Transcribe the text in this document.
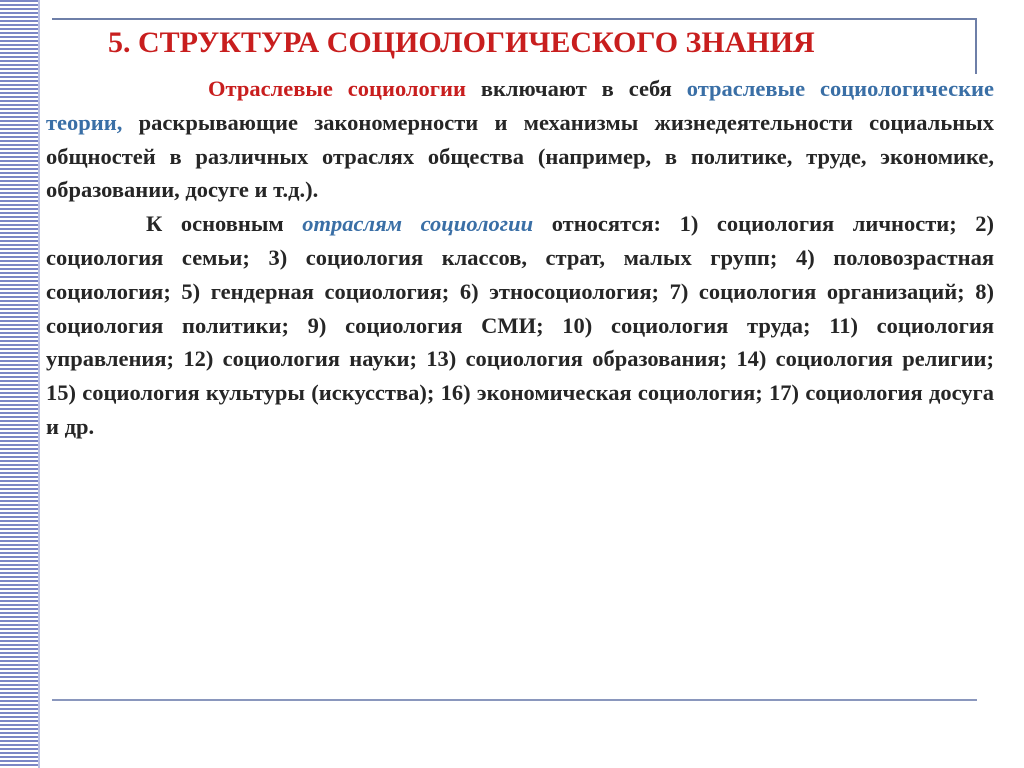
5. СТРУКТУРА СОЦИОЛОГИЧЕСКОГО ЗНАНИЯ

Отраслевые социологии включают в себя отраслевые социологические теории, раскрывающие закономерности и механизмы жизнедеятельности социальных общностей в различных отраслях общества (например, в политике, труде, экономике, образовании, досуге и т.д.).

К основным отраслям социологии относятся: 1) социология личности; 2) социология семьи; 3) социология классов, страт, малых групп; 4) половозрастная социология; 5) гендерная социология; 6) этносоциология; 7) социология организаций; 8) социология политики; 9) социология СМИ; 10) социология труда; 11) социология управления; 12) социология науки; 13) социология образования; 14) социология религии; 15) социология культуры (искусства); 16) экономическая социология; 17) социология досуга и др.
